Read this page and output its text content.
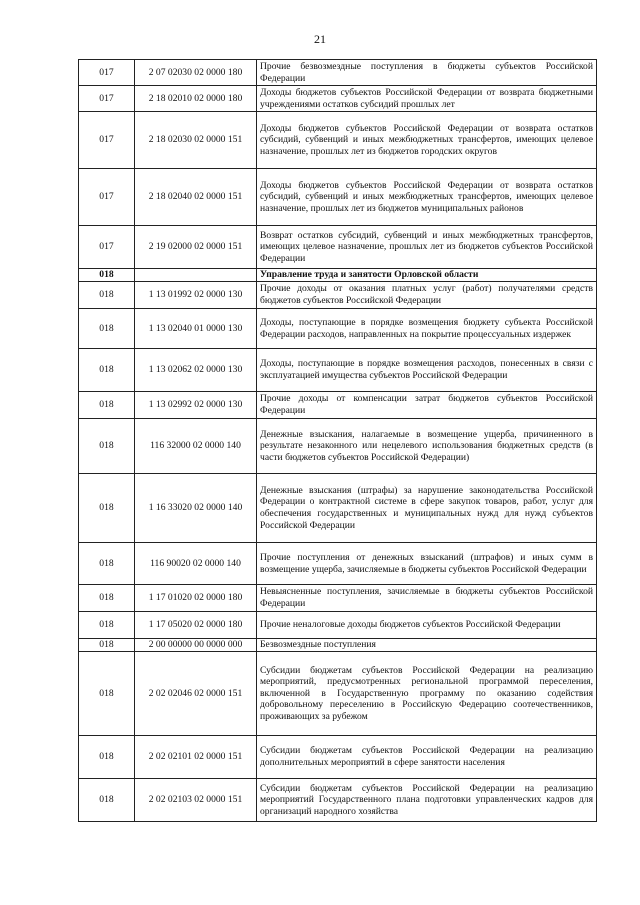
21
017	2 07 02030 02 0000 180	Прочие безвозмездные поступления в бюджеты субъектов Российской Федерации
017	2 18 02010 02 0000 180	Доходы бюджетов субъектов Российской Федерации от возврата бюджетными учреждениями остатков субсидий прошлых лет
017	2 18 02030 02 0000 151	Доходы бюджетов субъектов Российской Федерации от возврата остатков субсидий, субвенций и иных межбюджетных трансфертов, имеющих целевое назначение, прошлых лет из бюджетов городских округов
017	2 18 02040 02 0000 151	Доходы бюджетов субъектов Российской Федерации от возврата остатков субсидий, субвенций и иных межбюджетных трансфертов, имеющих целевое назначение, прошлых лет из бюджетов муниципальных районов
017	2 19 02000 02 0000 151	Возврат остатков субсидий, субвенций и иных межбюджетных трансфертов, имеющих целевое назначение, прошлых лет из бюджетов субъектов Российской Федерации
018		Управление труда и занятости Орловской области
018	1 13 01992 02 0000 130	Прочие доходы от оказания платных услуг (работ) получателями средств бюджетов субъектов Российской Федерации
018	1 13 02040 01 0000 130	Доходы, поступающие в порядке возмещения бюджету субъекта Российской Федерации расходов, направленных на покрытие процессуальных издержек
018	1 13 02062 02 0000 130	Доходы, поступающие в порядке возмещения расходов, понесенных в связи с эксплуатацией имущества субъектов Российской Федерации
018	1 13 02992 02 0000 130	Прочие доходы от компенсации затрат бюджетов субъектов Российской Федерации
018	116 32000 02 0000 140	Денежные взыскания, налагаемые в возмещение ущерба, причиненного в результате незаконного или нецелевого использования бюджетных средств (в части бюджетов субъектов Российской Федерации)
018	1 16 33020 02 0000 140	Денежные взыскания (штрафы) за нарушение законодательства Российской Федерации о контрактной системе в сфере закупок товаров, работ, услуг для обеспечения государственных и муниципальных нужд для нужд субъектов Российской Федерации
018	116 90020 02 0000 140	Прочие поступления от денежных взысканий (штрафов) и иных сумм в возмещение ущерба, зачисляемые в бюджеты субъектов Российской Федерации
018	1 17 01020 02 0000 180	Невыясненные поступления, зачисляемые в бюджеты субъектов Российской Федерации
018	1 17 05020 02 0000 180	Прочие неналоговые доходы бюджетов субъектов Российской Федерации
018	2 00 00000 00 0000 000	Безвозмездные поступления
018	2 02 02046 02 0000 151	Субсидии бюджетам субъектов Российской Федерации на реализацию мероприятий, предусмотренных региональной программой переселения, включенной в Государственную программу по оказанию содействия добровольному переселению в Российскую Федерацию соотечественников, проживающих за рубежом
018	2 02 02101 02 0000 151	Субсидии бюджетам субъектов Российской Федерации на реализацию дополнительных мероприятий в сфере занятости населения
018	2 02 02103 02 0000 151	Субсидии бюджетам субъектов Российской Федерации на реализацию мероприятий Государственного плана подготовки управленческих кадров для организаций народного хозяйства
